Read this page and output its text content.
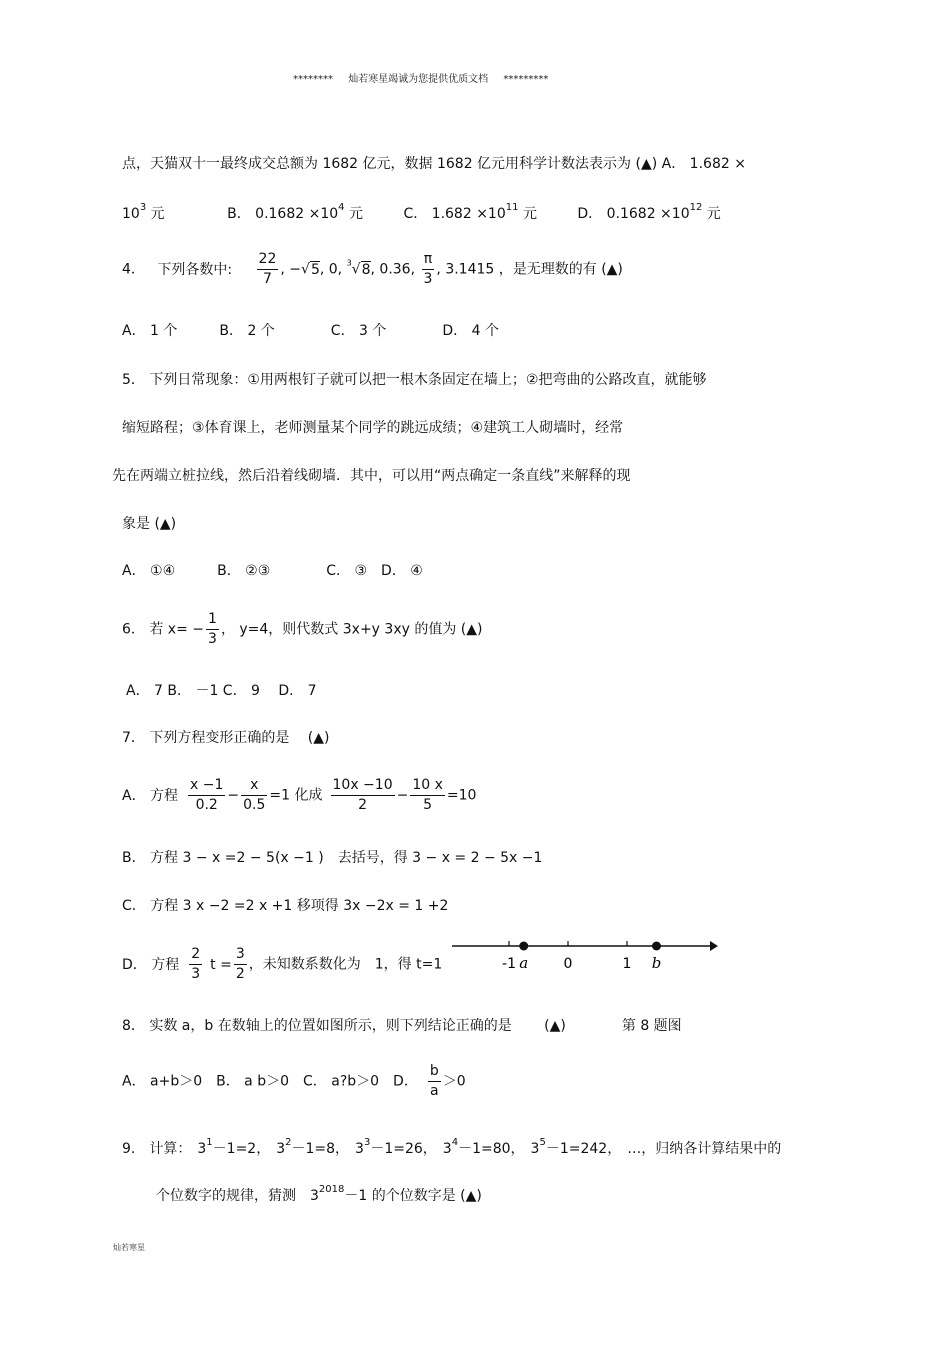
******** 灿若寒星竭诚为您提供优质文档 *********
点，天猫双十一最终成交总额为 1682 亿元，数据 1682 亿元用科学计数法表示为 (▲) A． 1.682 ×
$10^3$ 元	B． $0.1682 \times 10^4$ 元	C． $1.682 \times 10^{11}$ 元	D． $0.1682 \times 10^{12}$ 元
4． 下列各数中: $\frac{22}{7}$ , −√5, 0, $^3$√8, 0.36, $\frac{\pi}{3}$ , 3.1415 ，是无理数的有 (▲)
A． 1 个　　　B． 2 个　　　　C． 3 个　　　　D． 4 个
5． 下列日常现象：①用两根钉子就可以把一根木条固定在墙上；②把弯曲的公路改直，就能够
缩短路程；③体育课上，老师测量某个同学的跳远成绩；④建筑工人砌墙时，经常
先在两端立桩拉线，然后沿着线砌墙．其中，可以用“两点确定一条直线”来解释的现
象是 (▲)
A． ①④　　　B． ②③　　　　C． ③　D． ④
6． 若 $x= - \frac{1}{3}$ ， y=4，则代数式 3x+y 3xy 的值为 (▲)
A． 7 B． －1 C． 9　 D． 7
7． 下列方程变形正确的是　 (▲)
A． 方程 $\frac{x -1}{0.2} - \frac{x}{0.5} =1$ 化成 $\frac{10x -10}{2} - \frac{10 x}{5} =10$
B． 方程 3 − x =2 − 5(x −1 )　去括号，得 3 − x = 2 − 5x −1
C． 方程 3 x −2 =2 x +1 移项得 3x −2x = 1 +2
D． 方程 $\frac{2}{3}$ $t = \frac{3}{2}$ ，未知数系数化为　1，得 t=1	-1	0	1
a	b
8． 实数 a，b 在数轴上的位置如图所示，则下列结论正确的是　　 (▲)　　　　第 8 题图
A． a+b＞0　B． a b＞0　C． a?b＞0　D． $\frac{b}{a} >0$
9． 计算： $3^1-1=2$， $3^2-1=8$， $3^3-1=26$， $3^4-1=80$， $3^5-1=242$， …，归纳各计算结果中的
个位数字的规律，猜测　$3^{2018}-1$ 的个位数字是 (▲)
灿若寒星
